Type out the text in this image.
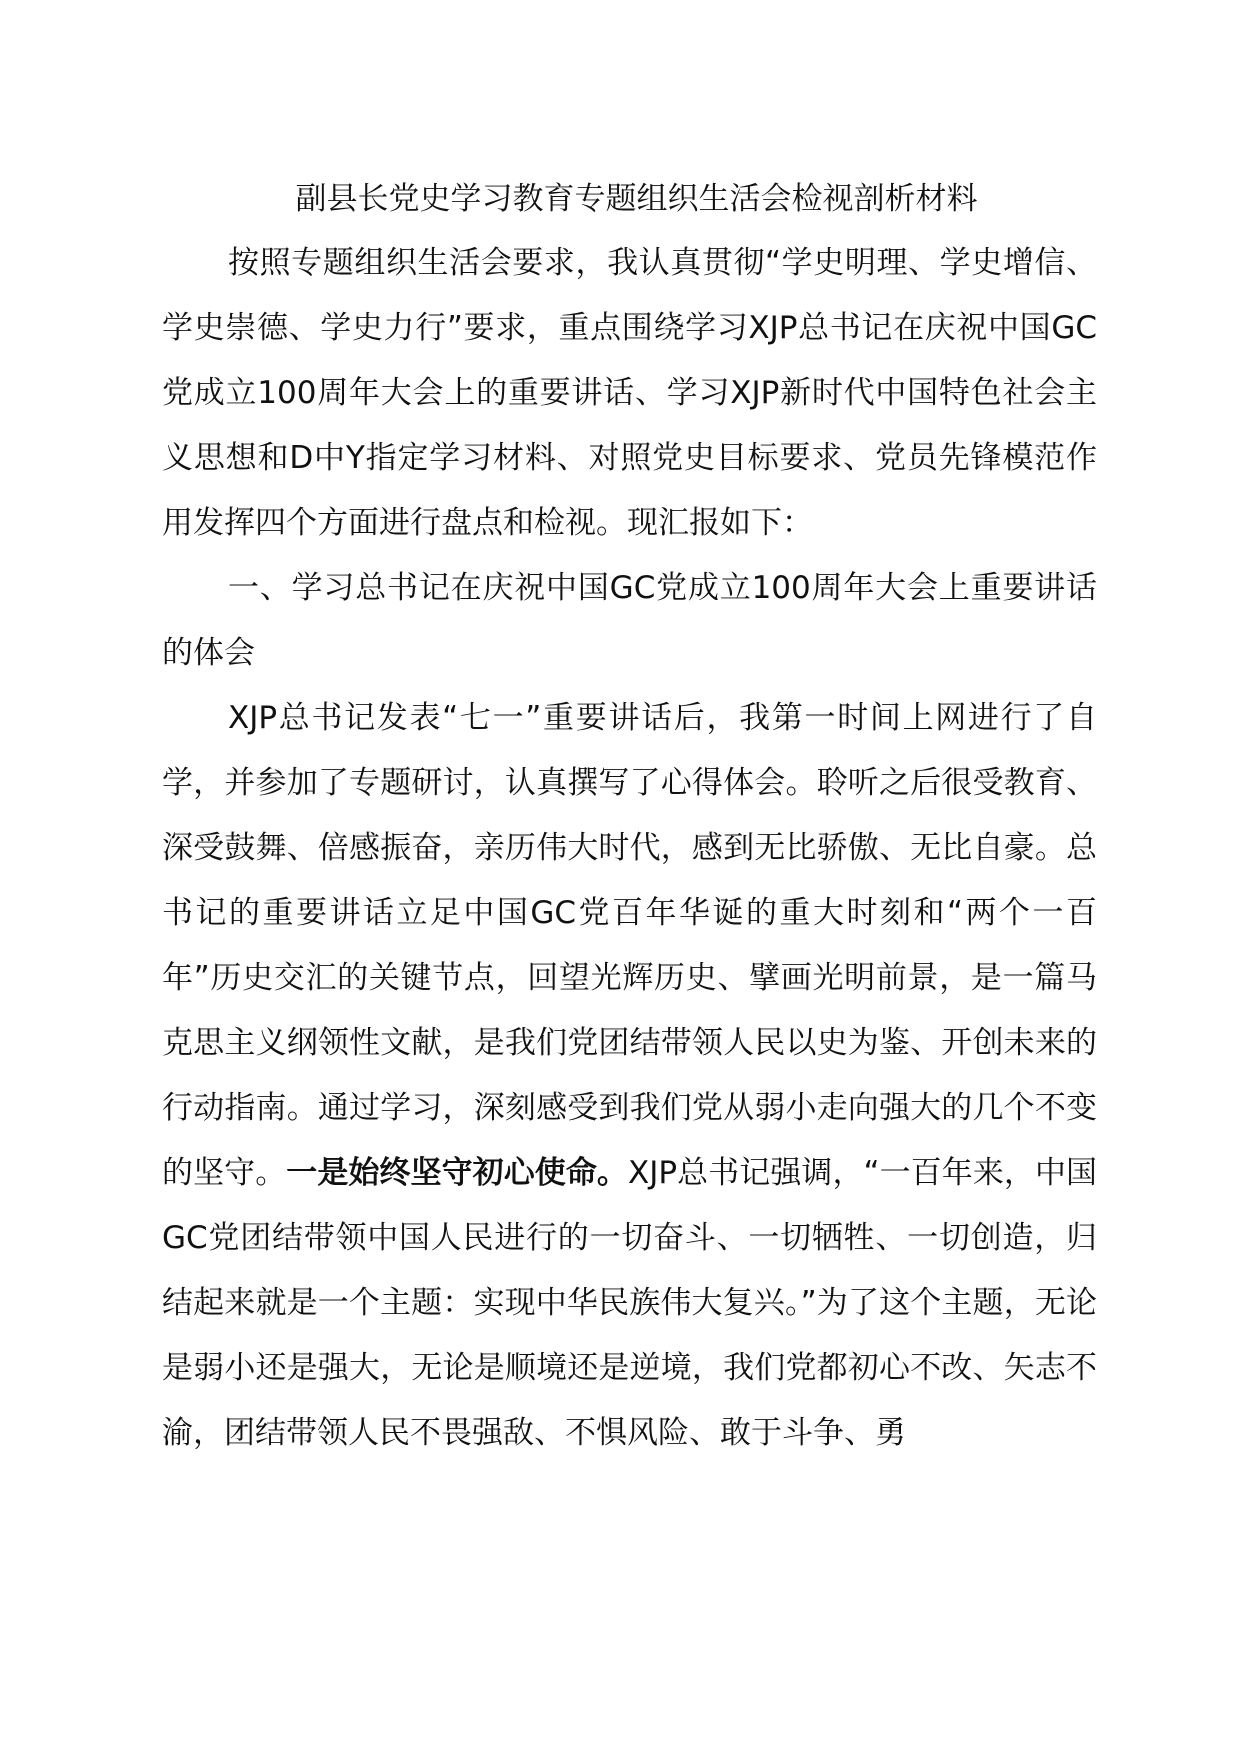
副县长党史学习教育专题组织生活会检视剖析材料

按照专题组织生活会要求，我认真贯彻“学史明理、学史增信、学史崇德、学史力行”要求，重点围绕学习XJP总书记在庆祝中国GC党成立100周年大会上的重要讲话、学习XJP新时代中国特色社会主义思想和D中Y指定学习材料、对照党史目标要求、党员先锋模范作用发挥四个方面进行盘点和检视。现汇报如下：

一、学习总书记在庆祝中国GC党成立100周年大会上重要讲话的体会

XJP总书记发表“七一”重要讲话后，我第一时间上网进行了自学，并参加了专题研讨，认真撰写了心得体会。聆听之后很受教育、深受鼓舞、倍感振奋，亲历伟大时代，感到无比骄傲、无比自豪。总书记的重要讲话立足中国GC党百年华诞的重大时刻和“两个一百年”历史交汇的关键节点，回望光辉历史、擘画光明前景，是一篇马克思主义纲领性文献，是我们党团结带领人民以史为鉴、开创未来的行动指南。通过学习，深刻感受到我们党从弱小走向强大的几个不变的坚守。一是始终坚守初心使命。XJP总书记强调，“一百年来，中国GC党团结带领中国人民进行的一切奋斗、一切牺牲、一切创造，归结起来就是一个主题：实现中华民族伟大复兴。”为了这个主题，无论是弱小还是强大，无论是顺境还是逆境，我们党都初心不改、矢志不渝，团结带领人民不畏强敌、不惧风险、敢于斗争、勇
